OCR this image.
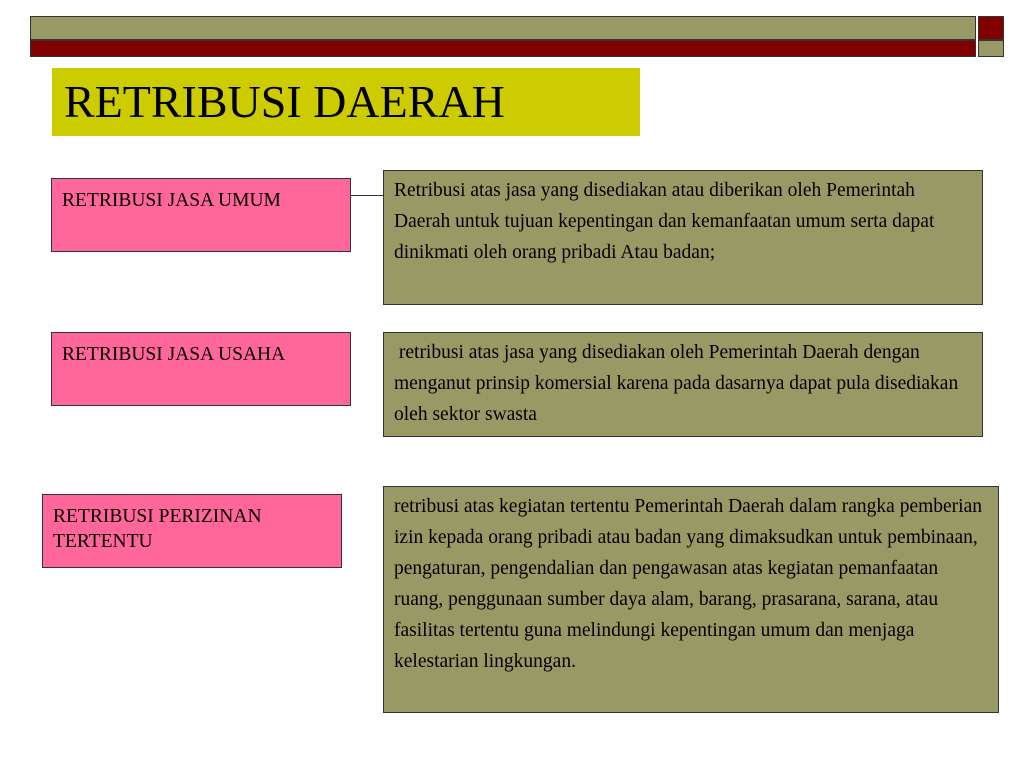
RETRIBUSI DAERAH
RETRIBUSI JASA UMUM	Retribusi atas jasa yang disediakan atau diberikan oleh Pemerintah Daerah untuk tujuan kepentingan dan kemanfaatan umum serta dapat dinikmati oleh orang pribadi Atau badan;
RETRIBUSI JASA USAHA	retribusi atas jasa yang disediakan oleh Pemerintah Daerah dengan menganut prinsip komersial karena pada dasarnya dapat pula disediakan oleh sektor swasta
RETRIBUSI PERIZINAN TERTENTU
retribusi atas kegiatan tertentu Pemerintah Daerah dalam rangka pemberian izin kepada orang pribadi atau badan yang dimaksudkan untuk pembinaan, pengaturan, pengendalian dan pengawasan atas kegiatan pemanfaatan ruang, penggunaan sumber daya alam, barang, prasarana, sarana, atau fasilitas tertentu guna melindungi kepentingan umum dan menjaga kelestarian lingkungan.
